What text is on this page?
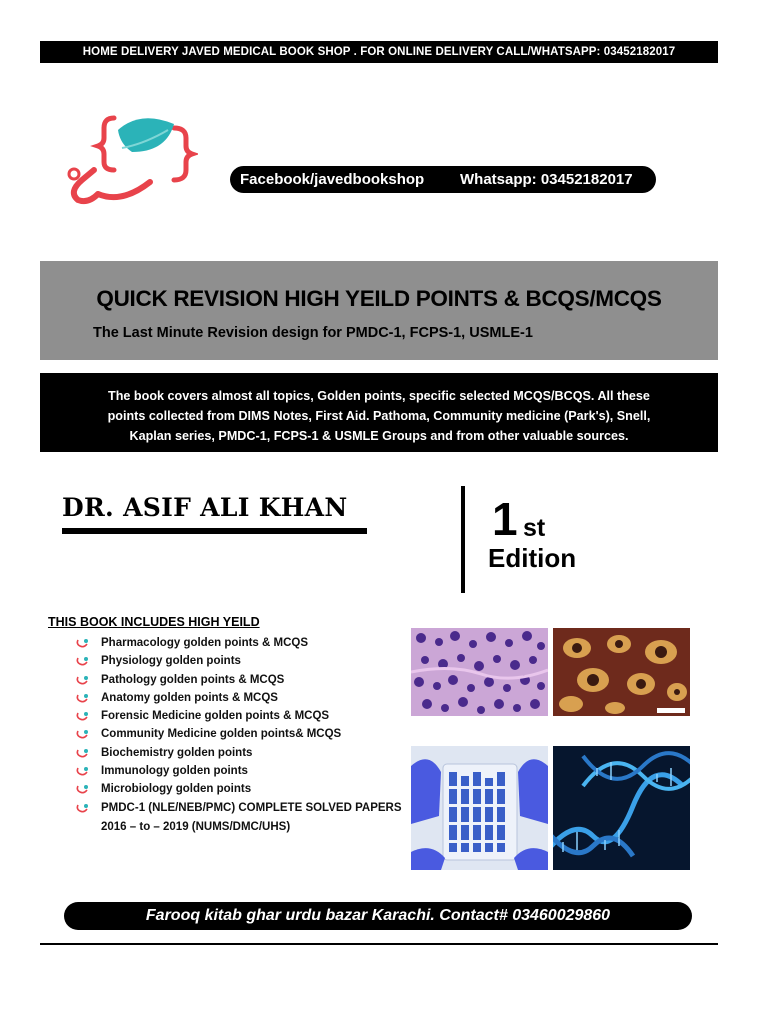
HOME DELIVERY JAVED MEDICAL BOOK SHOP . FOR ONLINE DELIVERY CALL/WHATSAPP: 03452182017
Facebook/javedbookshop Whatsapp: 03452182017
QUICK REVISION HIGH YEILD POINTS & BCQS/MCQS
The Last Minute Revision design for PMDC-1, FCPS-1, USMLE-1
The book covers almost all topics, Golden points, specific selected MCQS/BCQS. All these
points collected from DIMS Notes, First Aid. Pathoma, Community medicine (Park's), Snell,
Kaplan series, PMDC-1, FCPS-1 & USMLE Groups and from other valuable sources.
DR. ASIF ALI KHAN	1 st
Edition
THIS BOOK INCLUDES HIGH YEILD
Pharmacology golden points & MCQS
Physiology golden points
Pathology golden points & MCQS
Anatomy golden points & MCQS
Forensic Medicine golden points & MCQS
Community Medicine golden points& MCQS
Biochemistry golden points
Immunology golden points
Microbiology golden points
PMDC-1 (NLE/NEB/PMC) COMPLETE SOLVED PAPERS
2016 – to – 2019 (NUMS/DMC/UHS)
Farooq kitab ghar urdu bazar Karachi. Contact# 03460029860
